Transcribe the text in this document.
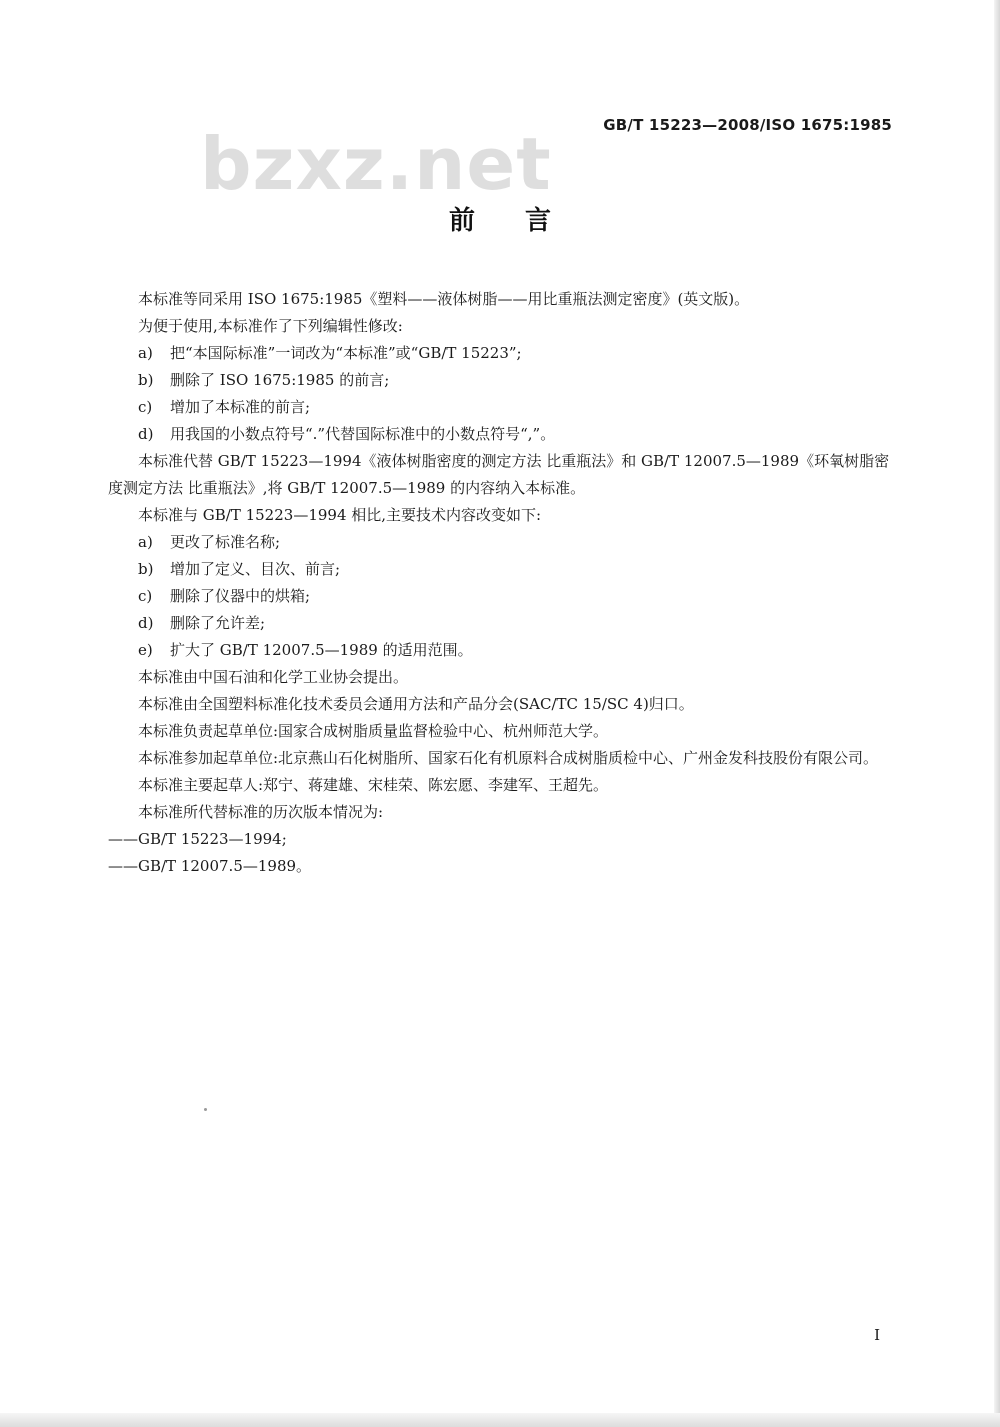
GB/T 15223—2008/ISO 1675:1985
bzxz.net
前言

本标准等同采用 ISO 1675:1985《塑料——液体树脂——用比重瓶法测定密度》(英文版)。

为便于使用,本标准作了下列编辑性修改:

a) 把“本国际标准”一词改为“本标准”或“GB/T 15223”;

b) 删除了 ISO 1675:1985 的前言;

c) 增加了本标准的前言;

d) 用我国的小数点符号“.”代替国际标准中的小数点符号“,”。

本标准代替 GB/T 15223—1994《液体树脂密度的测定方法 比重瓶法》和 GB/T 12007.5—1989《环氧树脂密度测定方法 比重瓶法》,将 GB/T 12007.5—1989 的内容纳入本标准。

本标准与 GB/T 15223—1994 相比,主要技术内容改变如下:

a) 更改了标准名称;

b) 增加了定义、目次、前言;

c) 删除了仪器中的烘箱;

d) 删除了允许差;

e) 扩大了 GB/T 12007.5—1989 的适用范围。

本标准由中国石油和化学工业协会提出。

本标准由全国塑料标准化技术委员会通用方法和产品分会(SAC/TC 15/SC 4)归口。

本标准负责起草单位:国家合成树脂质量监督检验中心、杭州师范大学。

本标准参加起草单位:北京燕山石化树脂所、国家石化有机原料合成树脂质检中心、广州金发科技股份有限公司。

本标准主要起草人:郑宁、蒋建雄、宋桂荣、陈宏愿、李建军、王超先。

本标准所代替标准的历次版本情况为:

——GB/T 15223—1994;

——GB/T 12007.5—1989。

I
